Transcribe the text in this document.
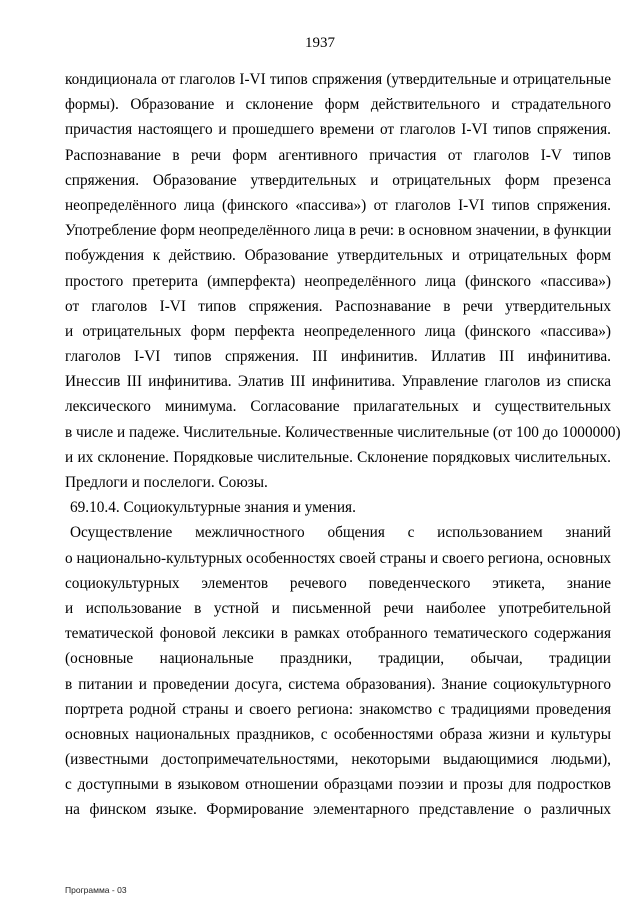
1937
кондиционала от глаголов I-VI типов спряжения (утвердительные и отрицательные
формы). Образование и склонение форм действительного и страдательного
причастия настоящего и прошедшего времени от глаголов I-VI типов спряжения.
Распознавание в речи форм агентивного причастия от глаголов I-V типов
спряжения. Образование утвердительных и отрицательных форм презенса
неопределённого лица (финского «пассива») от глаголов I-VI типов спряжения.
Употребление форм неопределённого лица в речи: в основном значении, в функции
побуждения к действию. Образование утвердительных и отрицательных форм
простого претерита (имперфекта) неопределённого лица (финского «пассива»)
от глаголов I-VI типов спряжения. Распознавание в речи утвердительных
и отрицательных форм перфекта неопределенного лица (финского «пассива»)
глаголов I-VI типов спряжения. III инфинитив. Иллатив III инфинитива.
Инессив III инфинитива. Элатив III инфинитива. Управление глаголов из списка
лексического минимума. Согласование прилагательных и существительных
в числе и падеже. Числительные. Количественные числительные (от 100 до 1000000)
и их склонение. Порядковые числительные. Склонение порядковых числительных.
Предлоги и послелоги. Союзы.
69.10.4. Социокультурные знания и умения.
Осуществление межличностного общения с использованием знаний
о национально-культурных особенностях своей страны и своего региона, основных
социокультурных элементов речевого поведенческого этикета, знание
и использование в устной и письменной речи наиболее употребительной
тематической фоновой лексики в рамках отобранного тематического содержания
(основные национальные праздники, традиции, обычаи, традиции
в питании и проведении досуга, система образования). Знание социокультурного
портрета родной страны и своего региона: знакомство с традициями проведения
основных национальных праздников, с особенностями образа жизни и культуры
(известными достопримечательностями, некоторыми выдающимися людьми),
с доступными в языковом отношении образцами поэзии и прозы для подростков
на финском языке. Формирование элементарного представление о различных
Программа - 03
